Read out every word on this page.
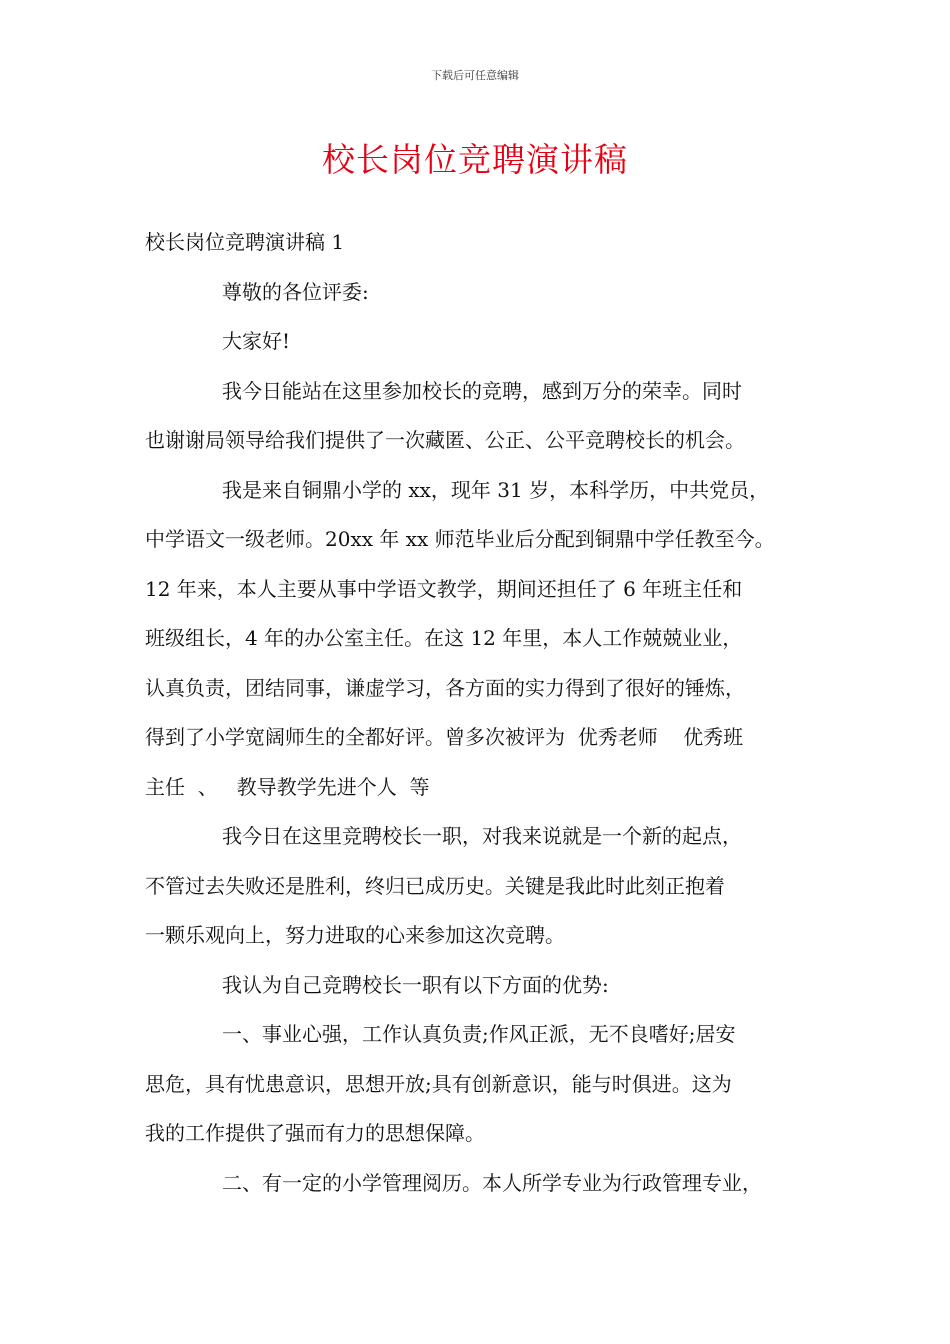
下载后可任意编辑
校长岗位竞聘演讲稿
校长岗位竞聘演讲稿 1
尊敬的各位评委:
大家好!
我今日能站在这里参加校长的竞聘，感到万分的荣幸。同时
也谢谢局领导给我们提供了一次藏匿、公正、公平竞聘校长的机会。
我是来自铜鼎小学的 xx，现年 31 岁，本科学历，中共党员，
中学语文一级老师。20xx 年 xx 师范毕业后分配到铜鼎中学任教至今。
12 年来，本人主要从事中学语文教学，期间还担任了 6 年班主任和
班级组长，4 年的办公室主任。在这 12 年里，本人工作兢兢业业，
认真负责，团结同事，谦虚学习，各方面的实力得到了很好的锤炼，
得到了小学宽阔师生的全都好评。曾多次被评为  优秀老师    优秀班
主任  、   教导教学先进个人  等
我今日在这里竞聘校长一职，对我来说就是一个新的起点，
不管过去失败还是胜利，终归已成历史。关键是我此时此刻正抱着
一颗乐观向上，努力进取的心来参加这次竞聘。
我认为自己竞聘校长一职有以下方面的优势:
一、事业心强，工作认真负责;作风正派，无不良嗜好;居安
思危，具有忧患意识，思想开放;具有创新意识，能与时俱进。这为
我的工作提供了强而有力的思想保障。
二、有一定的小学管理阅历。本人所学专业为行政管理专业，
